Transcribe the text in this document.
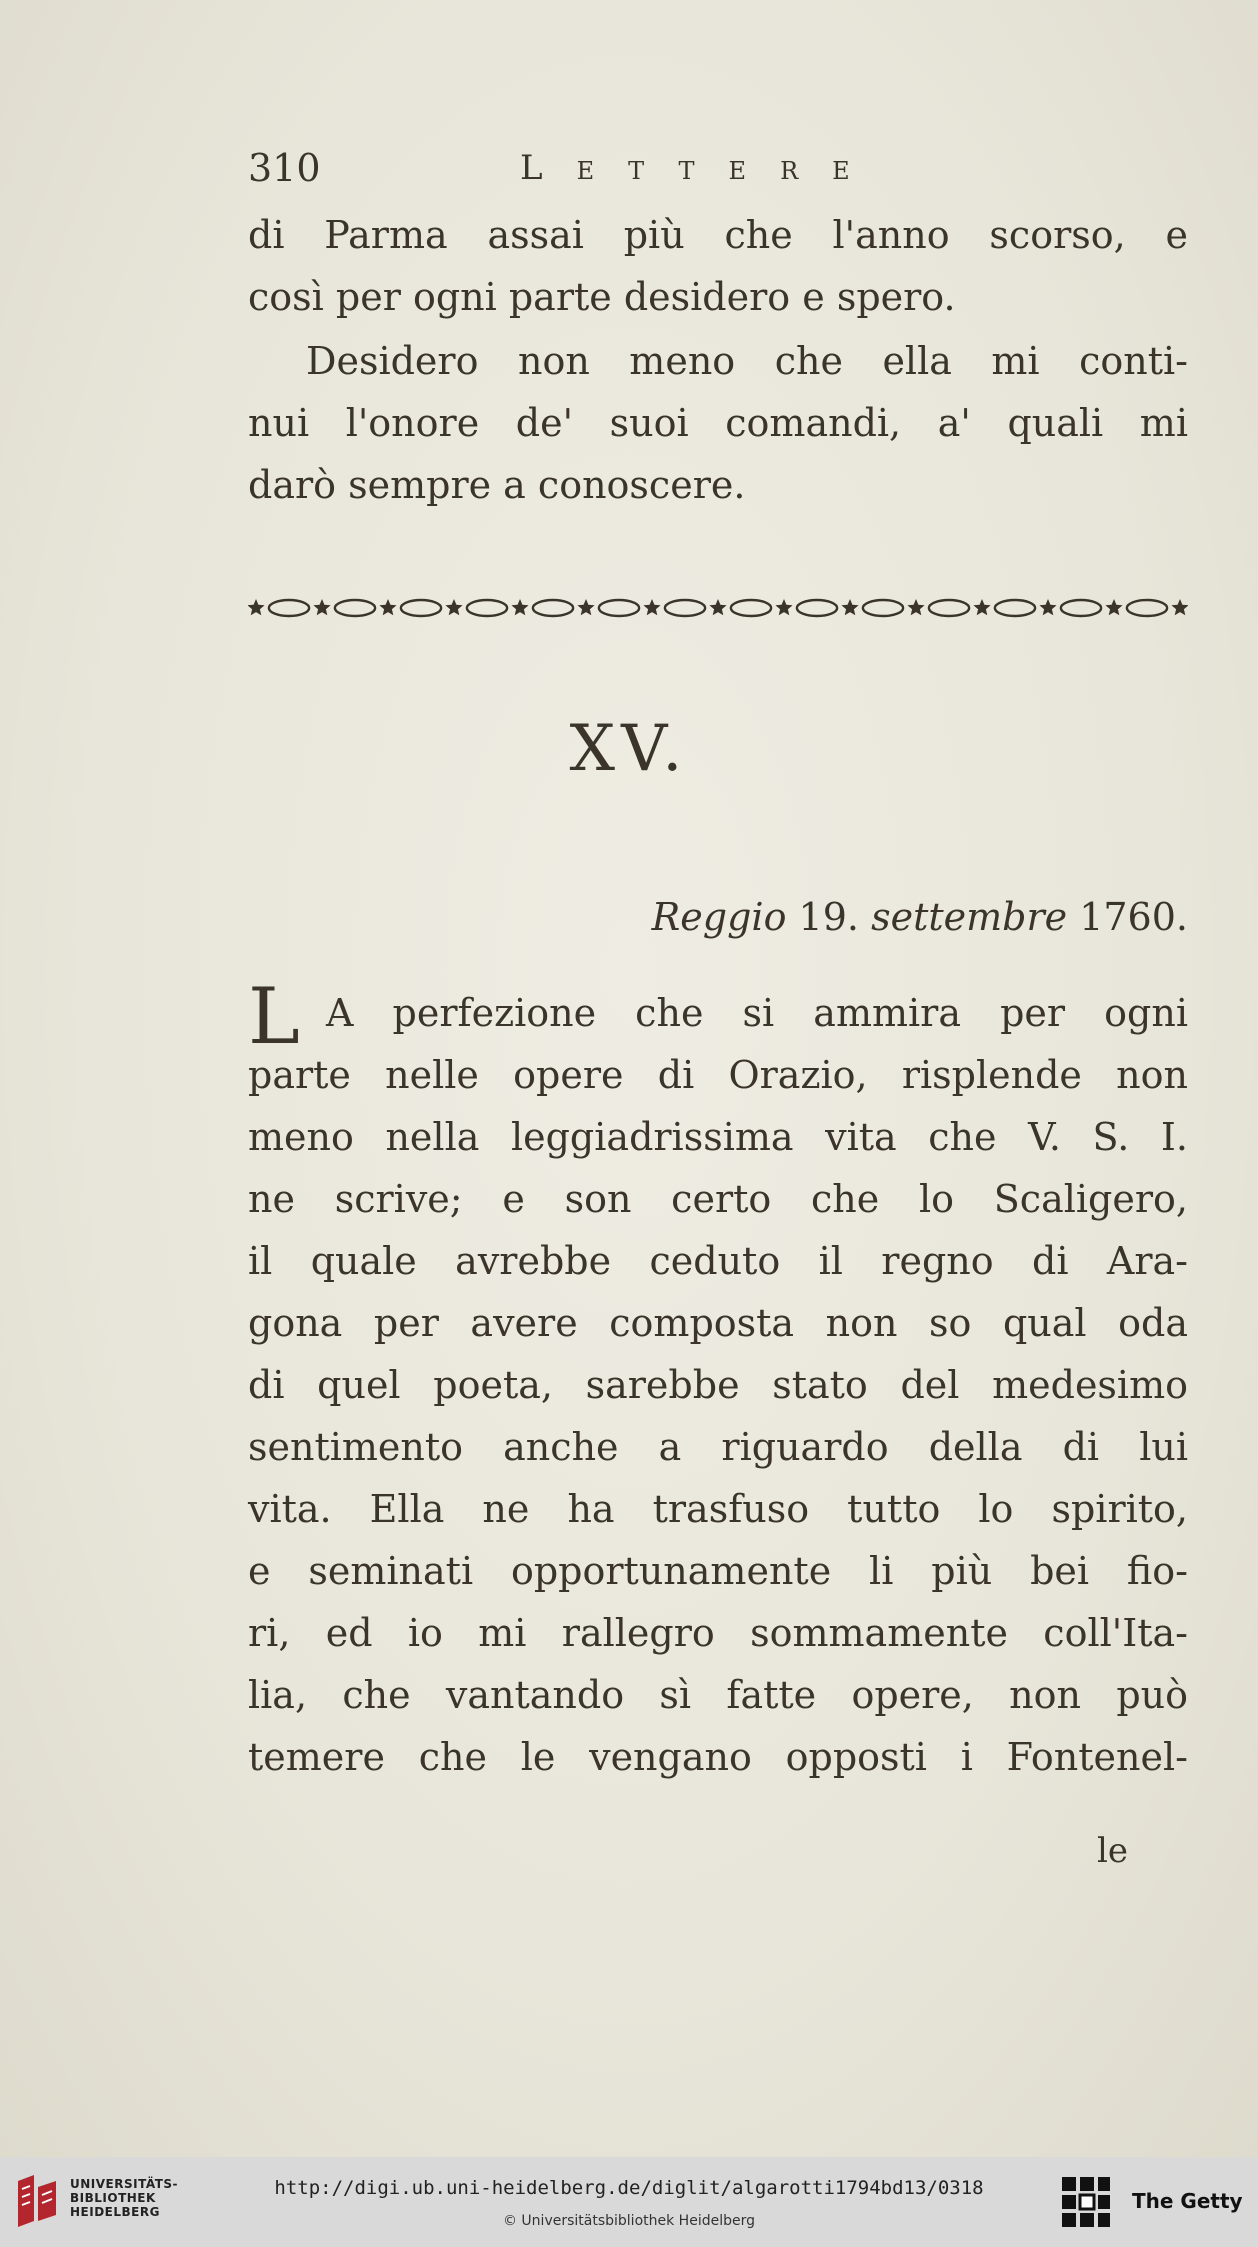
310	Lettere
di Parma assai più che l'anno scorso, e
così per ogni parte desidero e spero.
Desidero non meno che ella mi conti-
nui l'onore de' suoi comandi, a' quali mi
darò sempre a conoscere.
XV.
Reggio 19. settembre 1760.
L A perfezione che si ammira per ogni
parte nelle opere di Orazio, risplende non
meno nella leggiadrissima vita che V. S. I.
ne scrive; e son certo che lo Scaligero,
il quale avrebbe ceduto il regno di Ara-
gona per avere composta non so qual oda
di quel poeta, sarebbe stato del medesimo
sentimento anche a riguardo della di lui
vita. Ella ne ha trasfuso tutto lo spirito,
e seminati opportunamente li più bei fio-
ri, ed io mi rallegro sommamente coll'Ita-
lia, che vantando sì fatte opere, non può
temere che le vengano opposti i Fontenel-
le
UNIVERSITÄTS-
BIBLIOTHEK
HEIDELBERG
http://digi.ub.uni-heidelberg.de/diglit/algarotti1794bd13/0318
© Universitätsbibliothek Heidelberg
The Getty
